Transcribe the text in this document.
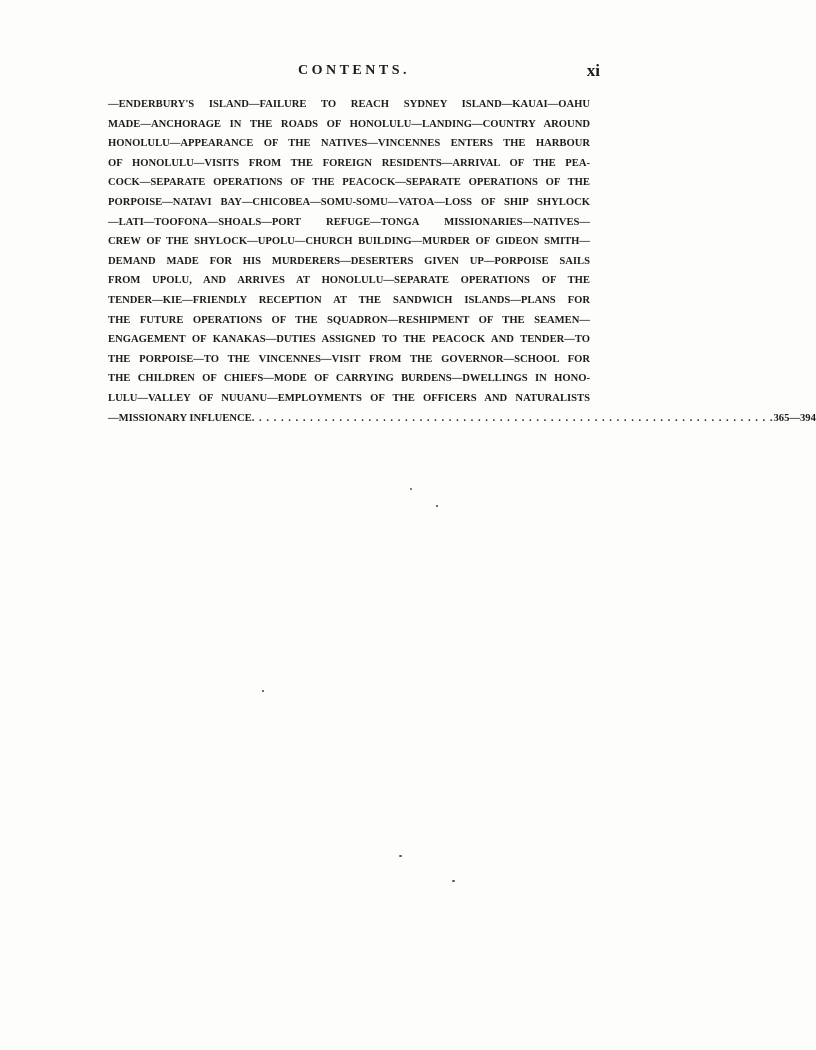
CONTENTS.	xi
—ENDERBURY'S ISLAND—FAILURE TO REACH SYDNEY ISLAND—KAUAI—OAHU
MADE—ANCHORAGE IN THE ROADS OF HONOLULU—LANDING—COUNTRY AROUND
HONOLULU—APPEARANCE OF THE NATIVES—VINCENNES ENTERS THE HARBOUR
OF HONOLULU—VISITS FROM THE FOREIGN RESIDENTS—ARRIVAL OF THE PEA-
COCK—SEPARATE OPERATIONS OF THE PEACOCK—SEPARATE OPERATIONS OF THE
PORPOISE—NATAVI BAY—CHICOBEA—SOMU-SOMU—VATOA—LOSS OF SHIP SHYLOCK
—LATI—TOOFONA—SHOALS—PORT REFUGE—TONGA MISSIONARIES—NATIVES—
CREW OF THE SHYLOCK—UPOLU—CHURCH BUILDING—MURDER OF GIDEON SMITH—
DEMAND MADE FOR HIS MURDERERS—DESERTERS GIVEN UP—PORPOISE SAILS
FROM UPOLU, AND ARRIVES AT HONOLULU—SEPARATE OPERATIONS OF THE
TENDER—KIE—FRIENDLY RECEPTION AT THE SANDWICH ISLANDS—PLANS FOR
THE FUTURE OPERATIONS OF THE SQUADRON—RESHIPMENT OF THE SEAMEN—
ENGAGEMENT OF KANAKAS—DUTIES ASSIGNED TO THE PEACOCK AND TENDER—TO
THE PORPOISE—TO THE VINCENNES—VISIT FROM THE GOVERNOR—SCHOOL FOR
THE CHILDREN OF CHIEFS—MODE OF CARRYING BURDENS—DWELLINGS IN HONO-
LULU—VALLEY OF NUUANU—EMPLOYMENTS OF THE OFFICERS AND NATURALISTS
—MISSIONARY INFLUENCE . . . . . . . . . . . . . . . . . . . . . . . . . . . . . . . . . . . . . . . . . . . . . . . . . . . . . . . . . . . . . . . . . . . . . . . . 365—394
